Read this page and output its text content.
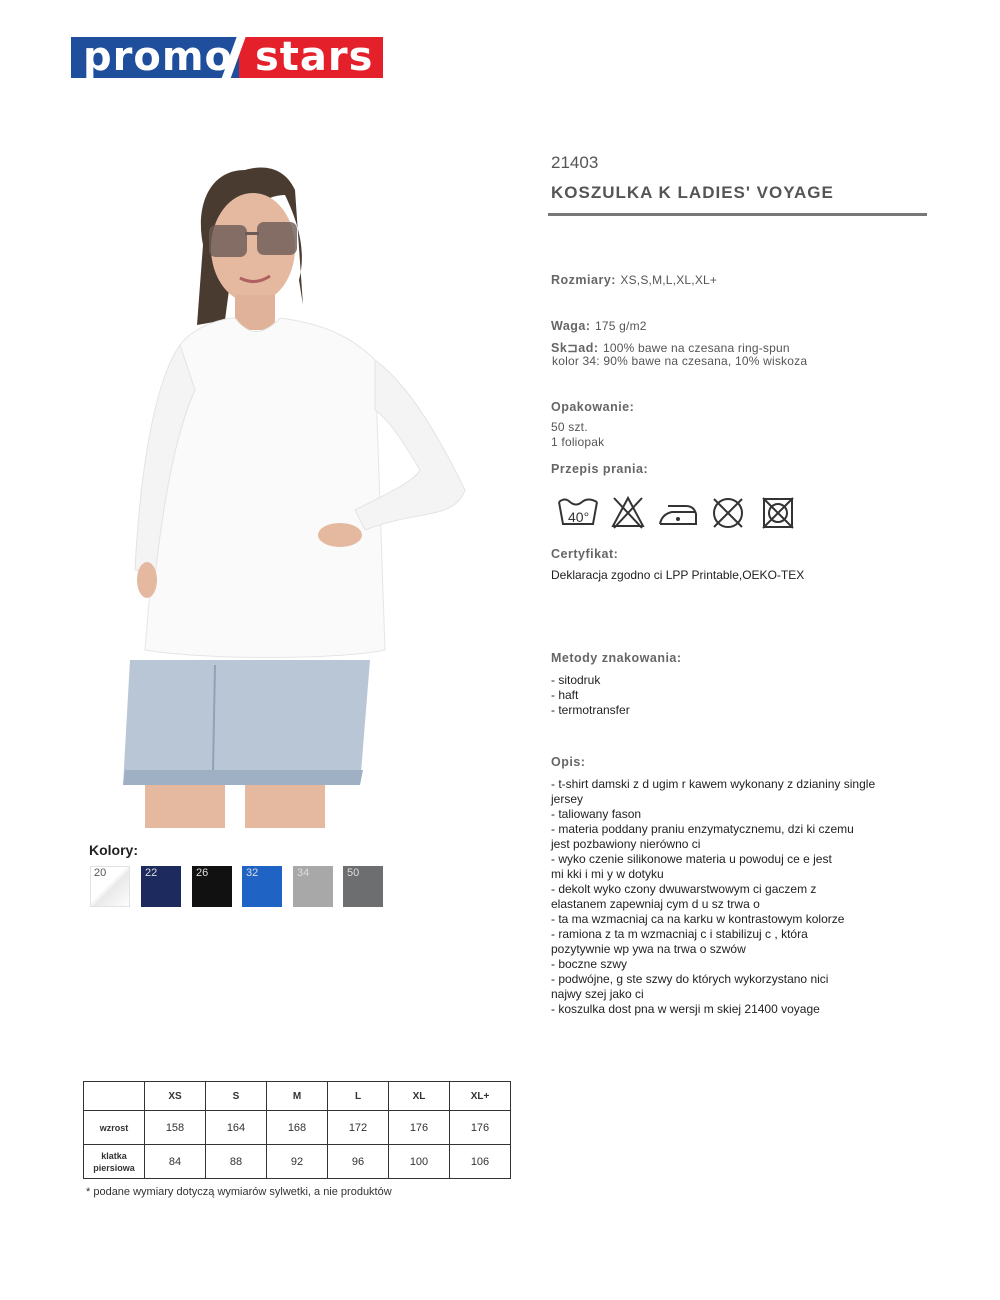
promo stars
21403
KOSZULKA K LADIES' VOYAGE
Rozmiary: XS,S,M,L,XL,XL+
Waga: 175 g/m2
Sk⊐ad: 100% bawe na czesana ring-spun
kolor 34: 90% bawe na czesana, 10% wiskoza
Opakowanie:
50 szt.
1 foliopak
Przepis prania:
40°
Certyfikat:
Deklaracja zgodno ci LPP Printable,OEKO-TEX
Metody znakowania:
- sitodruk
- haft
- termotransfer
Opis:
- t-shirt damski z d ugim r kawem wykonany z dzianiny single
jersey
- taliowany fason
- materia poddany praniu enzymatycznemu, dzi ki czemu
jest pozbawiony nierówno ci
- wyko czenie silikonowe materia u powoduj ce e jest
mi kki i mi y w dotyku
- dekolt wyko czony dwuwarstwowym ci gaczem z
elastanem zapewniaj cym d u sz trwa o
- ta ma wzmacniaj ca na karku w kontrastowym kolorze
- ramiona z ta m wzmacniaj c i stabilizuj c , która
pozytywnie wp ywa na trwa o szwów
- boczne szwy
- podwójne, g ste szwy do których wykorzystano nici
najwy szej jako ci
- koszulka dost pna w wersji m skiej 21400 voyage
Kolory:
20	22	26	32	34	50
	XS	S	M	L	XL	XL+
wzrost	158	164	168	172	176	176
klatka piersiowa	84	88	92	96	100	106
* podane wymiary dotyczą wymiarów sylwetki, a nie produktów
